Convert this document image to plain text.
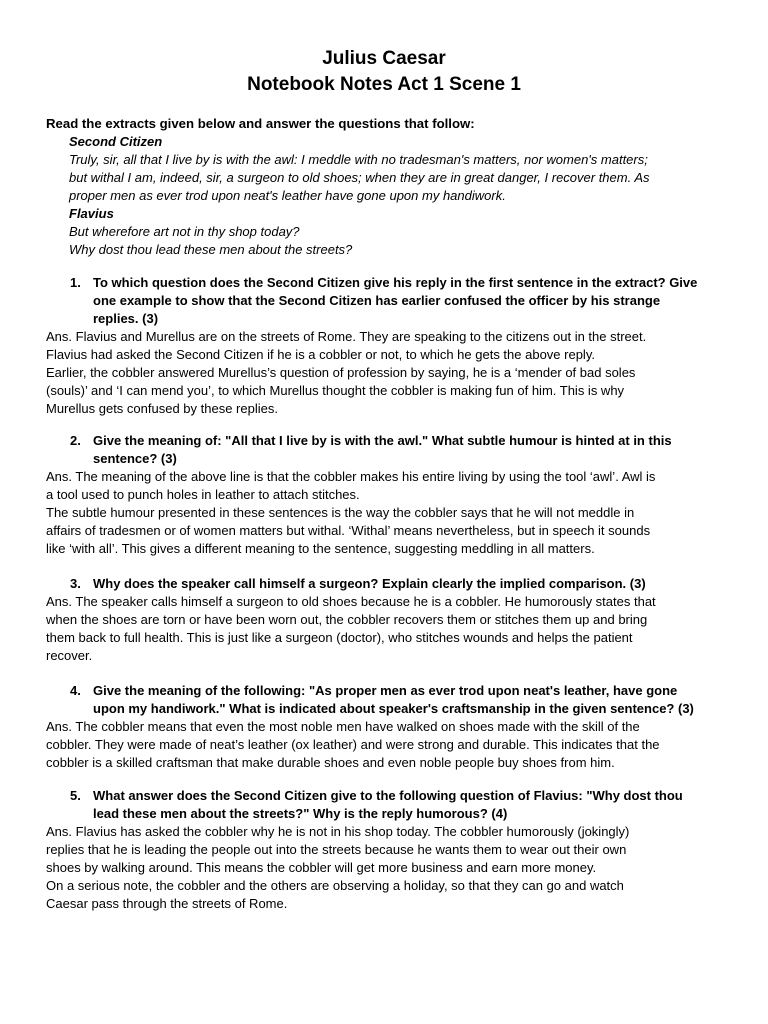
Julius Caesar
Notebook Notes Act 1 Scene 1
Read the extracts given below and answer the questions that follow:
Second Citizen
Truly, sir, all that I live by is with the awl: I meddle with no tradesman's matters, nor women's matters;
but withal I am, indeed, sir, a surgeon to old shoes; when they are in great danger, I recover them. As
proper men as ever trod upon neat's leather have gone upon my handiwork.
Flavius
But wherefore art not in thy shop today?
Why dost thou lead these men about the streets?
1. To which question does the Second Citizen give his reply in the first sentence in the extract? Give
one example to show that the Second Citizen has earlier confused the officer by his strange
replies. (3)
Ans. Flavius and Murellus are on the streets of Rome. They are speaking to the citizens out in the street.
Flavius had asked the Second Citizen if he is a cobbler or not, to which he gets the above reply.
Earlier, the cobbler answered Murellus’s question of profession by saying, he is a ‘mender of bad soles
(souls)’ and ‘I can mend you’, to which Murellus thought the cobbler is making fun of him. This is why
Murellus gets confused by these replies.
2. Give the meaning of: "All that I live by is with the awl." What subtle humour is hinted at in this
sentence? (3)
Ans. The meaning of the above line is that the cobbler makes his entire living by using the tool ‘awl’. Awl is
a tool used to punch holes in leather to attach stitches.
The subtle humour presented in these sentences is the way the cobbler says that he will not meddle in
affairs of tradesmen or of women matters but withal. ‘Withal’ means nevertheless, but in speech it sounds
like ‘with all’. This gives a different meaning to the sentence, suggesting meddling in all matters.
3. Why does the speaker call himself a surgeon? Explain clearly the implied comparison. (3)
Ans. The speaker calls himself a surgeon to old shoes because he is a cobbler. He humorously states that
when the shoes are torn or have been worn out, the cobbler recovers them or stitches them up and bring
them back to full health. This is just like a surgeon (doctor), who stitches wounds and helps the patient
recover.
4. Give the meaning of the following: "As proper men as ever trod upon neat's leather, have gone
upon my handiwork." What is indicated about speaker's craftsmanship in the given sentence? (3)
Ans. The cobbler means that even the most noble men have walked on shoes made with the skill of the
cobbler. They were made of neat’s leather (ox leather) and were strong and durable. This indicates that the
cobbler is a skilled craftsman that make durable shoes and even noble people buy shoes from him.
5. What answer does the Second Citizen give to the following question of Flavius: "Why dost thou
lead these men about the streets?" Why is the reply humorous? (4)
Ans. Flavius has asked the cobbler why he is not in his shop today. The cobbler humorously (jokingly)
replies that he is leading the people out into the streets because he wants them to wear out their own
shoes by walking around. This means the cobbler will get more business and earn more money.
On a serious note, the cobbler and the others are observing a holiday, so that they can go and watch
Caesar pass through the streets of Rome.
